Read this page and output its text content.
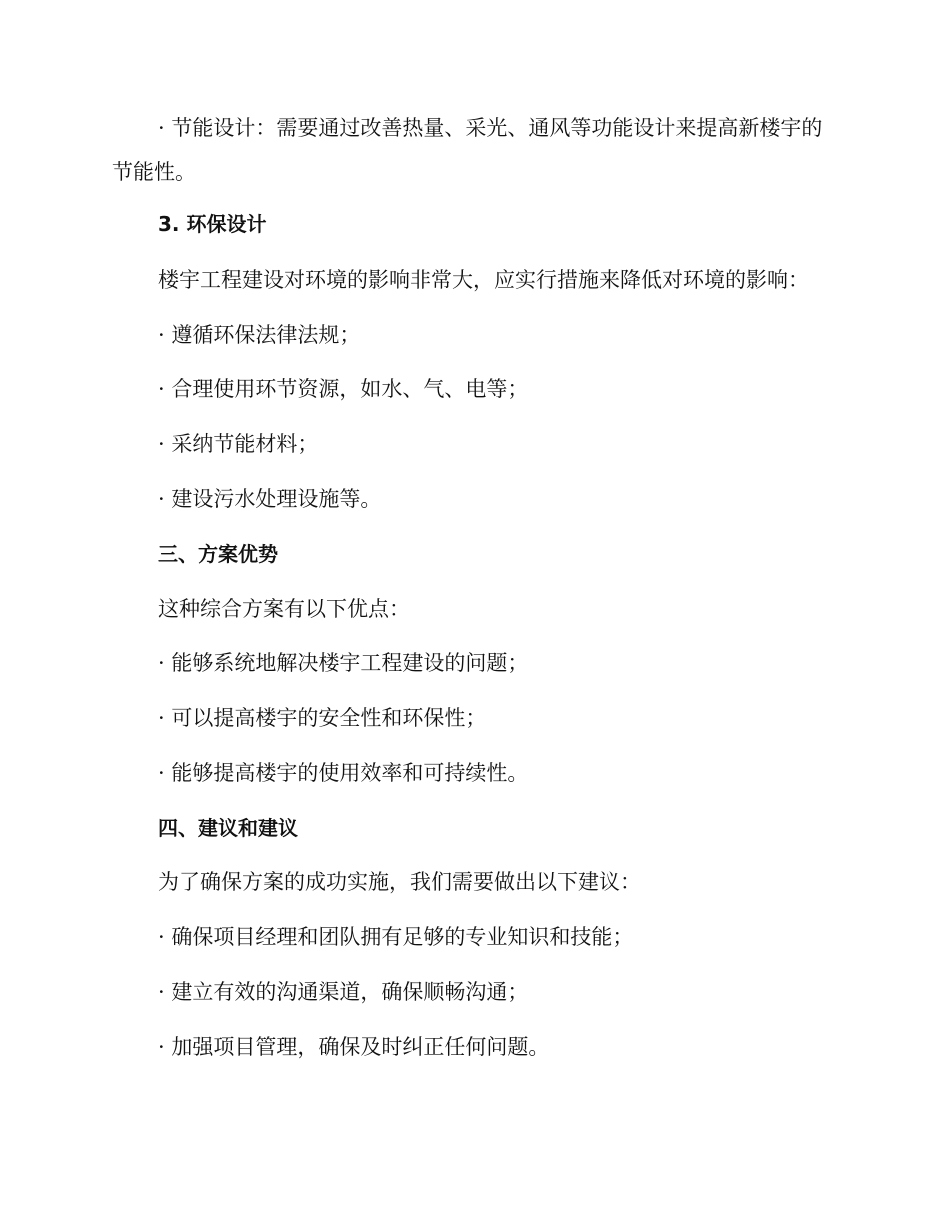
· 节能设计：需要通过改善热量、采光、通风等功能设计来提高新楼宇的节能性。
3. 环保设计
楼宇工程建设对环境的影响非常大，应实行措施来降低对环境的影响：
· 遵循环保法律法规；
· 合理使用环节资源，如水、气、电等；
· 采纳节能材料；
· 建设污水处理设施等。
三、方案优势
这种综合方案有以下优点：
· 能够系统地解决楼宇工程建设的问题；
· 可以提高楼宇的安全性和环保性；
· 能够提高楼宇的使用效率和可持续性。
四、建议和建议
为了确保方案的成功实施，我们需要做出以下建议：
· 确保项目经理和团队拥有足够的专业知识和技能；
· 建立有效的沟通渠道，确保顺畅沟通；
· 加强项目管理，确保及时纠正任何问题。
